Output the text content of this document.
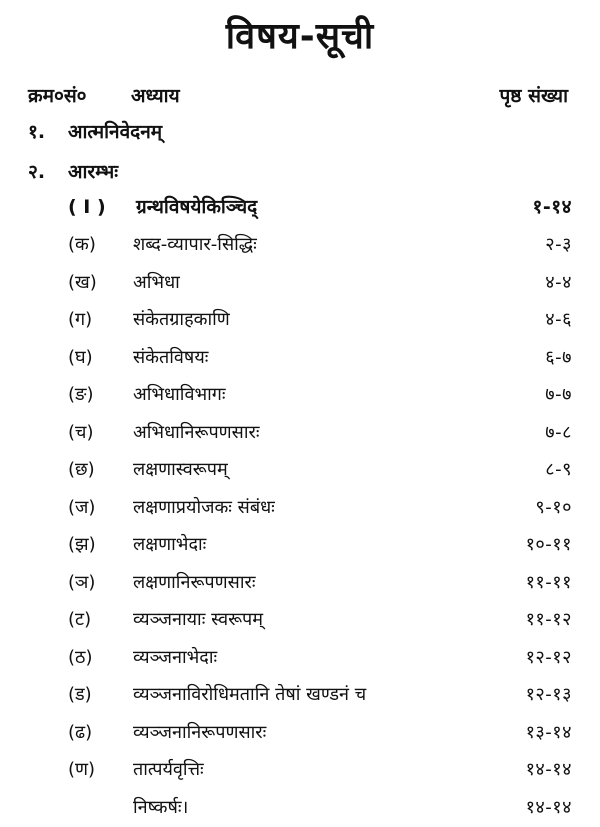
विषय-सूची
क्रम०सं० अध्याय	पृष्ठ संख्या
१. आत्मनिवेदनम्
२. आरम्भः
( I ) ग्रन्थविषयेकिञ्चिद्	१-१४
(क) शब्द-व्यापार-सिद्धिः	२-३
(ख) अभिधा	४-४
(ग) संकेतग्राहकाणि	४-६
(घ) संकेतविषयः	६-७
(ङ) अभिधाविभागः	७-७
(च) अभिधानिरूपणसारः	७-८
(छ) लक्षणास्वरूपम्	८-९
(ज) लक्षणाप्रयोजकः संबंधः	९-१०
(झ) लक्षणाभेदाः	१०-११
(ञ) लक्षणानिरूपणसारः	११-११
(ट) व्यञ्जनायाः स्वरूपम्	११-१२
(ठ) व्यञ्जनाभेदाः	१२-१२
(ड) व्यञ्जनाविरोधिमतानि तेषां खण्डनं च	१२-१३
(ढ) व्यञ्जनानिरूपणसारः	१३-१४
(ण) तात्पर्यवृत्तिः	१४-१४
निष्कर्षः।	१४-१४
